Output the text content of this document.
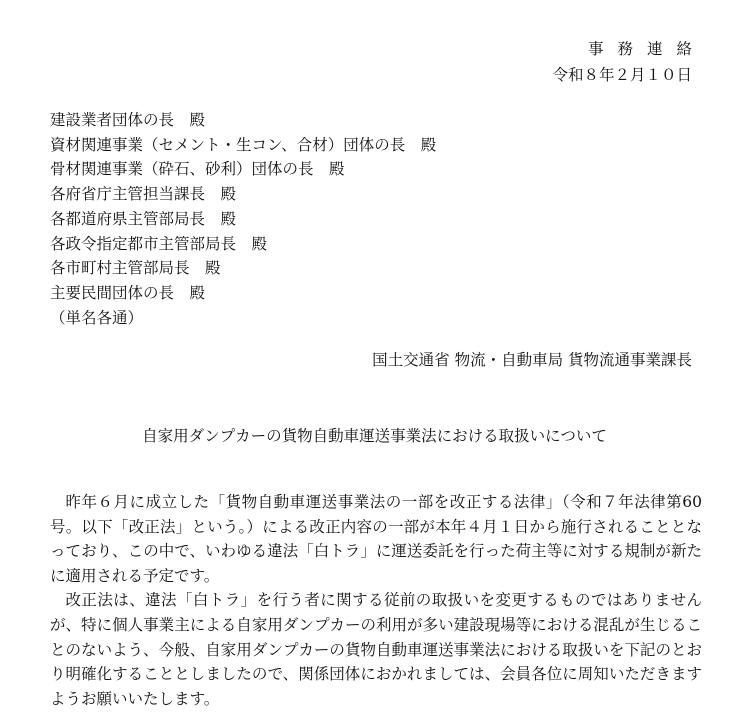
事務連絡
令和８年２月１０日
建設業者団体の長　殿
資材関連事業（セメント・生コン、合材）団体の長　殿
骨材関連事業（砕石、砂利）団体の長　殿
各府省庁主管担当課長　殿
各都道府県主管部局長　殿
各政令指定都市主管部局長　殿
各市町村主管部局長　殿
主要民間団体の長　殿
（単名各通）
国土交通省 物流・自動車局 貨物流通事業課長
自家用ダンプカーの貨物自動車運送事業法における取扱いについて

昨年６月に成立した「貨物自動車運送事業法の一部を改正する法律」（令和７年法律第60号。以下「改正法」という。）による改正内容の一部が本年４月１日から施行されることとなっており、この中で、いわゆる違法「白トラ」に運送委託を行った荷主等に対する規制が新たに適用される予定です。

改正法は、違法「白トラ」を行う者に関する従前の取扱いを変更するものではありませんが、特に個人事業主による自家用ダンプカーの利用が多い建設現場等における混乱が生じることのないよう、今般、自家用ダンプカーの貨物自動車運送事業法における取扱いを下記のとおり明確化することとしましたので、関係団体におかれましては、会員各位に周知いただきますようお願いいたします。
